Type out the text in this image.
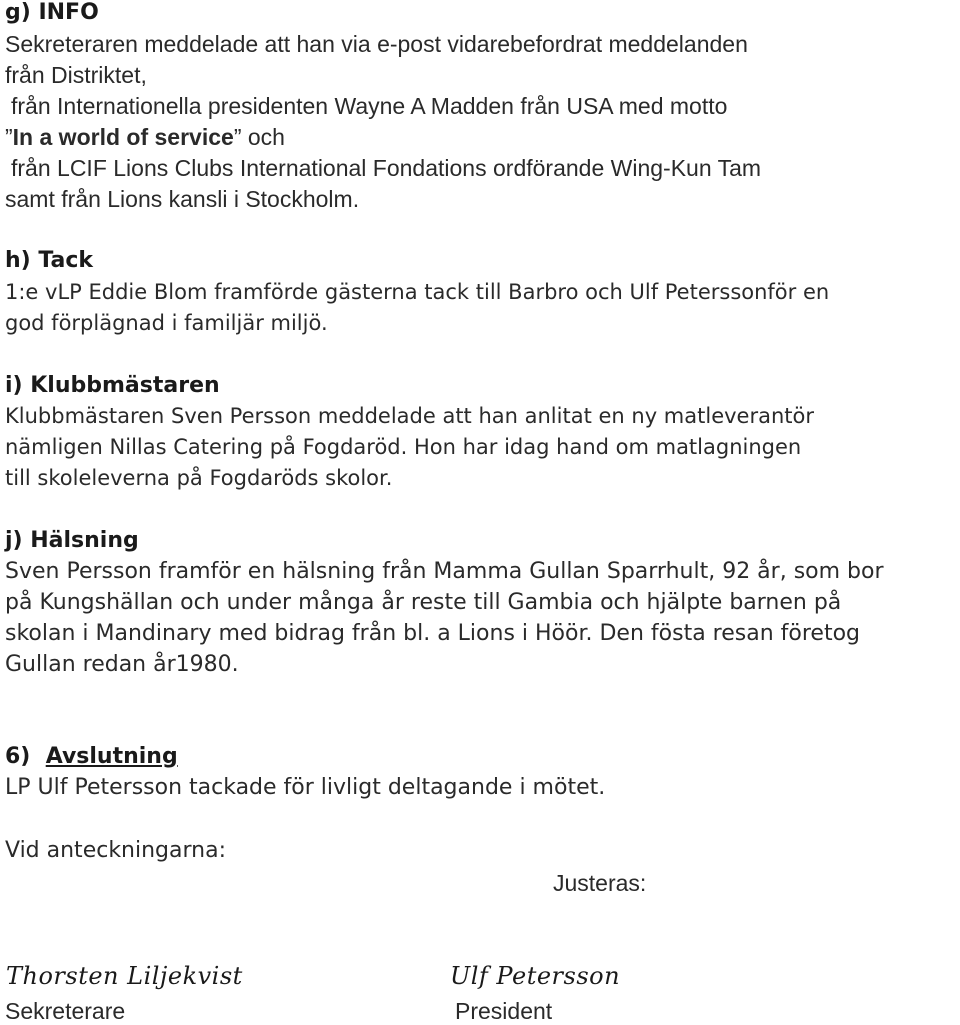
g) INFO
Sekreteraren meddelade att han via e-post vidarebefordrat meddelanden
från Distriktet,
från Internationella presidenten Wayne A Madden från USA med motto
”In a world of service” och
från LCIF Lions Clubs International Fondations ordförande Wing-Kun Tam
samt från Lions kansli i Stockholm.
h) Tack
1:e vLP Eddie Blom framförde gästerna tack till Barbro och Ulf Peterssonför en
god förplägnad i familjär miljö.
i) Klubbmästaren
Klubbmästaren Sven Persson meddelade att han anlitat en ny matleverantör
nämligen Nillas Catering på Fogdaröd. Hon har idag hand om matlagningen
till skoleleverna på Fogdaröds skolor.
j) Hälsning
Sven Persson framför en hälsning från Mamma Gullan Sparrhult, 92 år, som bor
på Kungshällan och under många år reste till Gambia och hjälpte barnen på
skolan i Mandinary med bidrag från bl. a Lions i Höör. Den fösta resan företog
Gullan redan år1980.
6) Avslutning
LP Ulf Petersson tackade för livligt deltagande i mötet.
Vid anteckningarna:
Justeras:
Thorsten Liljekvist	Ulf Petersson
Sekreterare	President
